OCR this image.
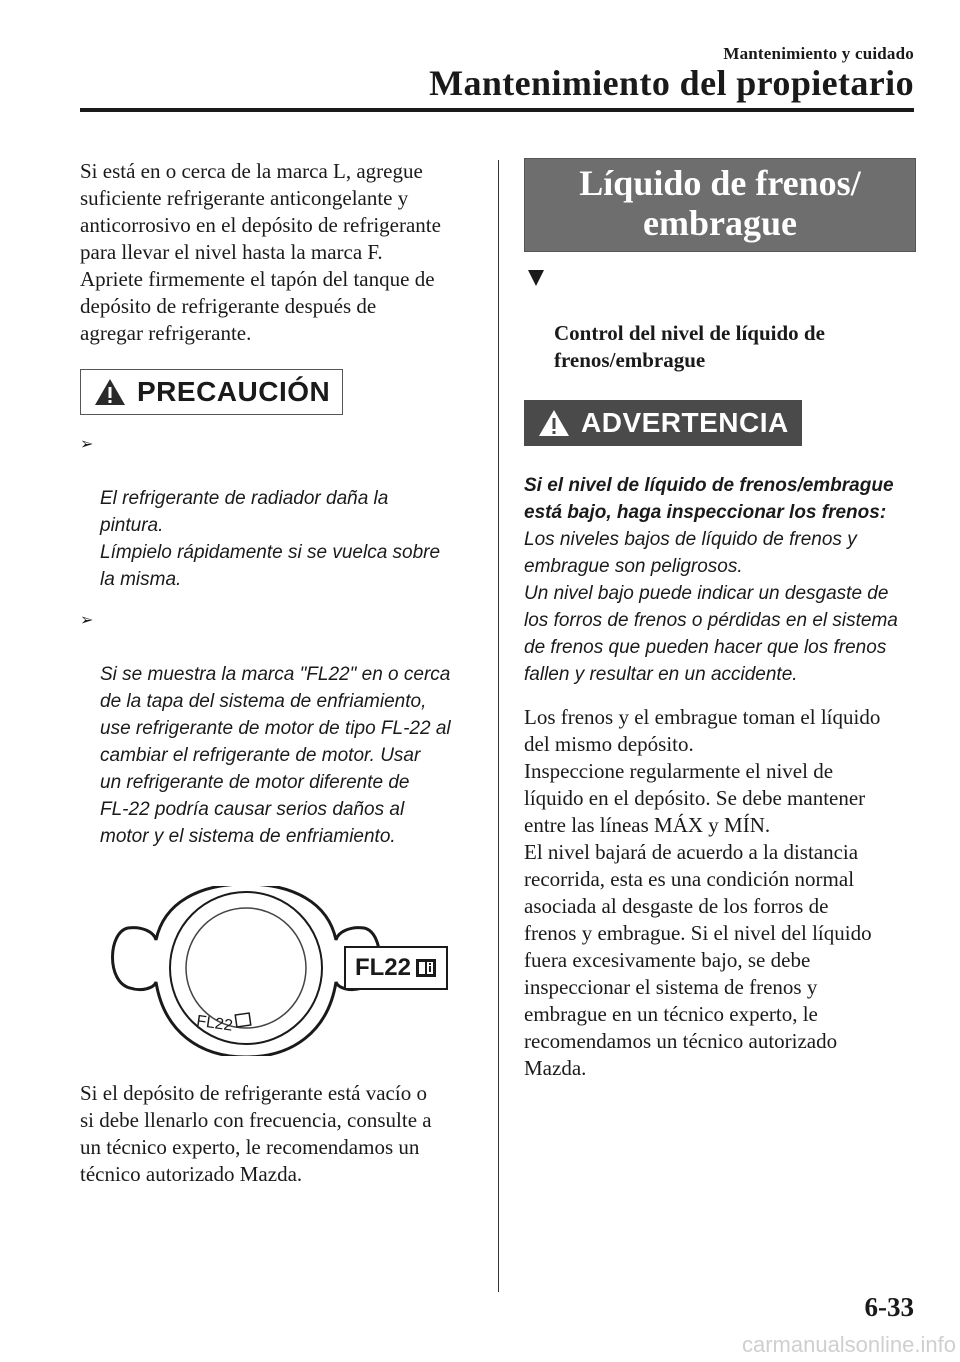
Mantenimiento y cuidado
Mantenimiento del propietario

Si está en o cerca de la marca L, agregue
suficiente refrigerante anticongelante y
anticorrosivo en el depósito de refrigerante
para llevar el nivel hasta la marca F.
Apriete firmemente el tapón del tanque de
depósito de refrigerante después de
agregar refrigerante.

PRECAUCIÓN

➢

El refrigerante de radiador daña la
pintura.
Límpielo rápidamente si se vuelca sobre
la misma.

➢

Si se muestra la marca "FL22" en o cerca
de la tapa del sistema de enfriamiento,
use refrigerante de motor de tipo FL-22 al
cambiar el refrigerante de motor. Usar
un refrigerante de motor diferente de
FL-22 podría causar serios daños al
motor y el sistema de enfriamiento.

FL22
FL22

Si el depósito de refrigerante está vacío o
si debe llenarlo con frecuencia, consulte a
un técnico experto, le recomendamos un
técnico autorizado Mazda.

Líquido de frenos/
embrague

Control del nivel de líquido de
frenos/embrague

ADVERTENCIA

Si el nivel de líquido de frenos/embrague
está bajo, haga inspeccionar los frenos:

Los niveles bajos de líquido de frenos y
embrague son peligrosos.
Un nivel bajo puede indicar un desgaste de
los forros de frenos o pérdidas en el sistema
de frenos que pueden hacer que los frenos
fallen y resultar en un accidente.

Los frenos y el embrague toman el líquido
del mismo depósito.
Inspeccione regularmente el nivel de
líquido en el depósito. Se debe mantener
entre las líneas MÁX y MÍN.
El nivel bajará de acuerdo a la distancia
recorrida, esta es una condición normal
asociada al desgaste de los forros de
frenos y embrague. Si el nivel del líquido
fuera excesivamente bajo, se debe
inspeccionar el sistema de frenos y
embrague en un técnico experto, le
recomendamos un técnico autorizado
Mazda.

6-33
carmanualsonline.info
